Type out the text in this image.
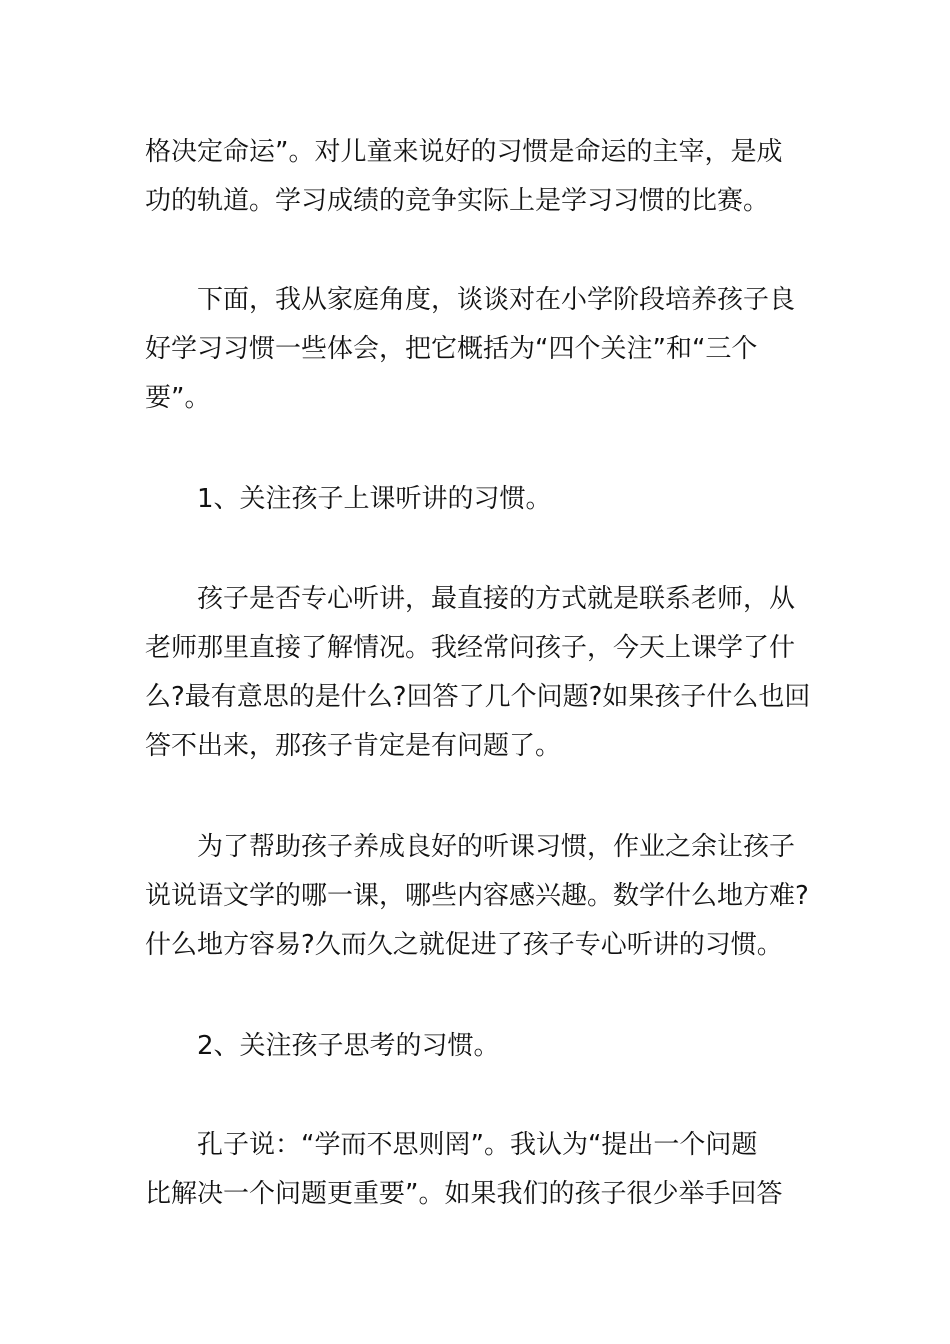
格决定命运”。对儿童来说好的习惯是命运的主宰，是成
功的轨道。学习成绩的竞争实际上是学习习惯的比赛。
下面，我从家庭角度，谈谈对在小学阶段培养孩子良
好学习习惯一些体会，把它概括为“四个关注”和“三个
要”。
1、关注孩子上课听讲的习惯。
孩子是否专心听讲，最直接的方式就是联系老师，从
老师那里直接了解情况。我经常问孩子，今天上课学了什
么?最有意思的是什么?回答了几个问题?如果孩子什么也回
答不出来，那孩子肯定是有问题了。
为了帮助孩子养成良好的听课习惯，作业之余让孩子
说说语文学的哪一课，哪些内容感兴趣。数学什么地方难?
什么地方容易?久而久之就促进了孩子专心听讲的习惯。
2、关注孩子思考的习惯。
孔子说：“学而不思则罔”。我认为“提出一个问题
比解决一个问题更重要”。如果我们的孩子很少举手回答
